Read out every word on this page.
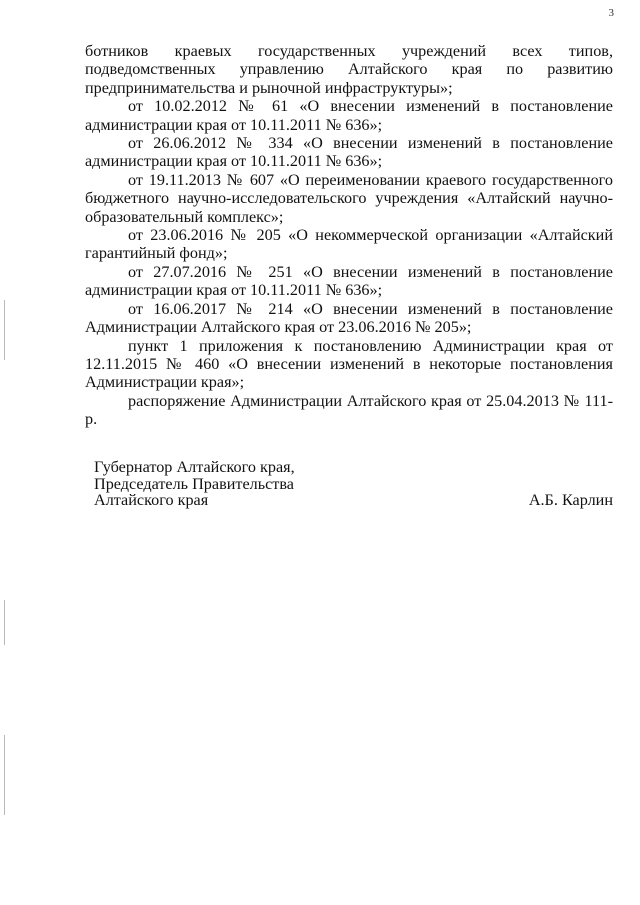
3

ботников краевых государственных учреждений всех типов, подведомственных управлению Алтайского края по развитию предпринимательства и рыночной инфраструктуры»;

от 10.02.2012 № 61 «О внесении изменений в постановление администрации края от 10.11.2011 № 636»;

от 26.06.2012 № 334 «О внесении изменений в постановление администрации края от 10.11.2011 № 636»;

от 19.11.2013 № 607 «О переименовании краевого государственного бюджетного научно-исследовательского учреждения «Алтайский научно-образовательный комплекс»;

от 23.06.2016 № 205 «О некоммерческой организации «Алтайский гарантийный фонд»;

от 27.07.2016 № 251 «О внесении изменений в постановление администрации края от 10.11.2011 № 636»;

от 16.06.2017 № 214 «О внесении изменений в постановление Администрации Алтайского края от 23.06.2016 № 205»;

пункт 1 приложения к постановлению Администрации края от 12.11.2015 № 460 «О внесении изменений в некоторые постановления Администрации края»;

распоряжение Администрации Алтайского края от 25.04.2013 № 111-р.

Губернатор Алтайского края,
Председатель Правительства
Алтайского края	А.Б. Карлин
